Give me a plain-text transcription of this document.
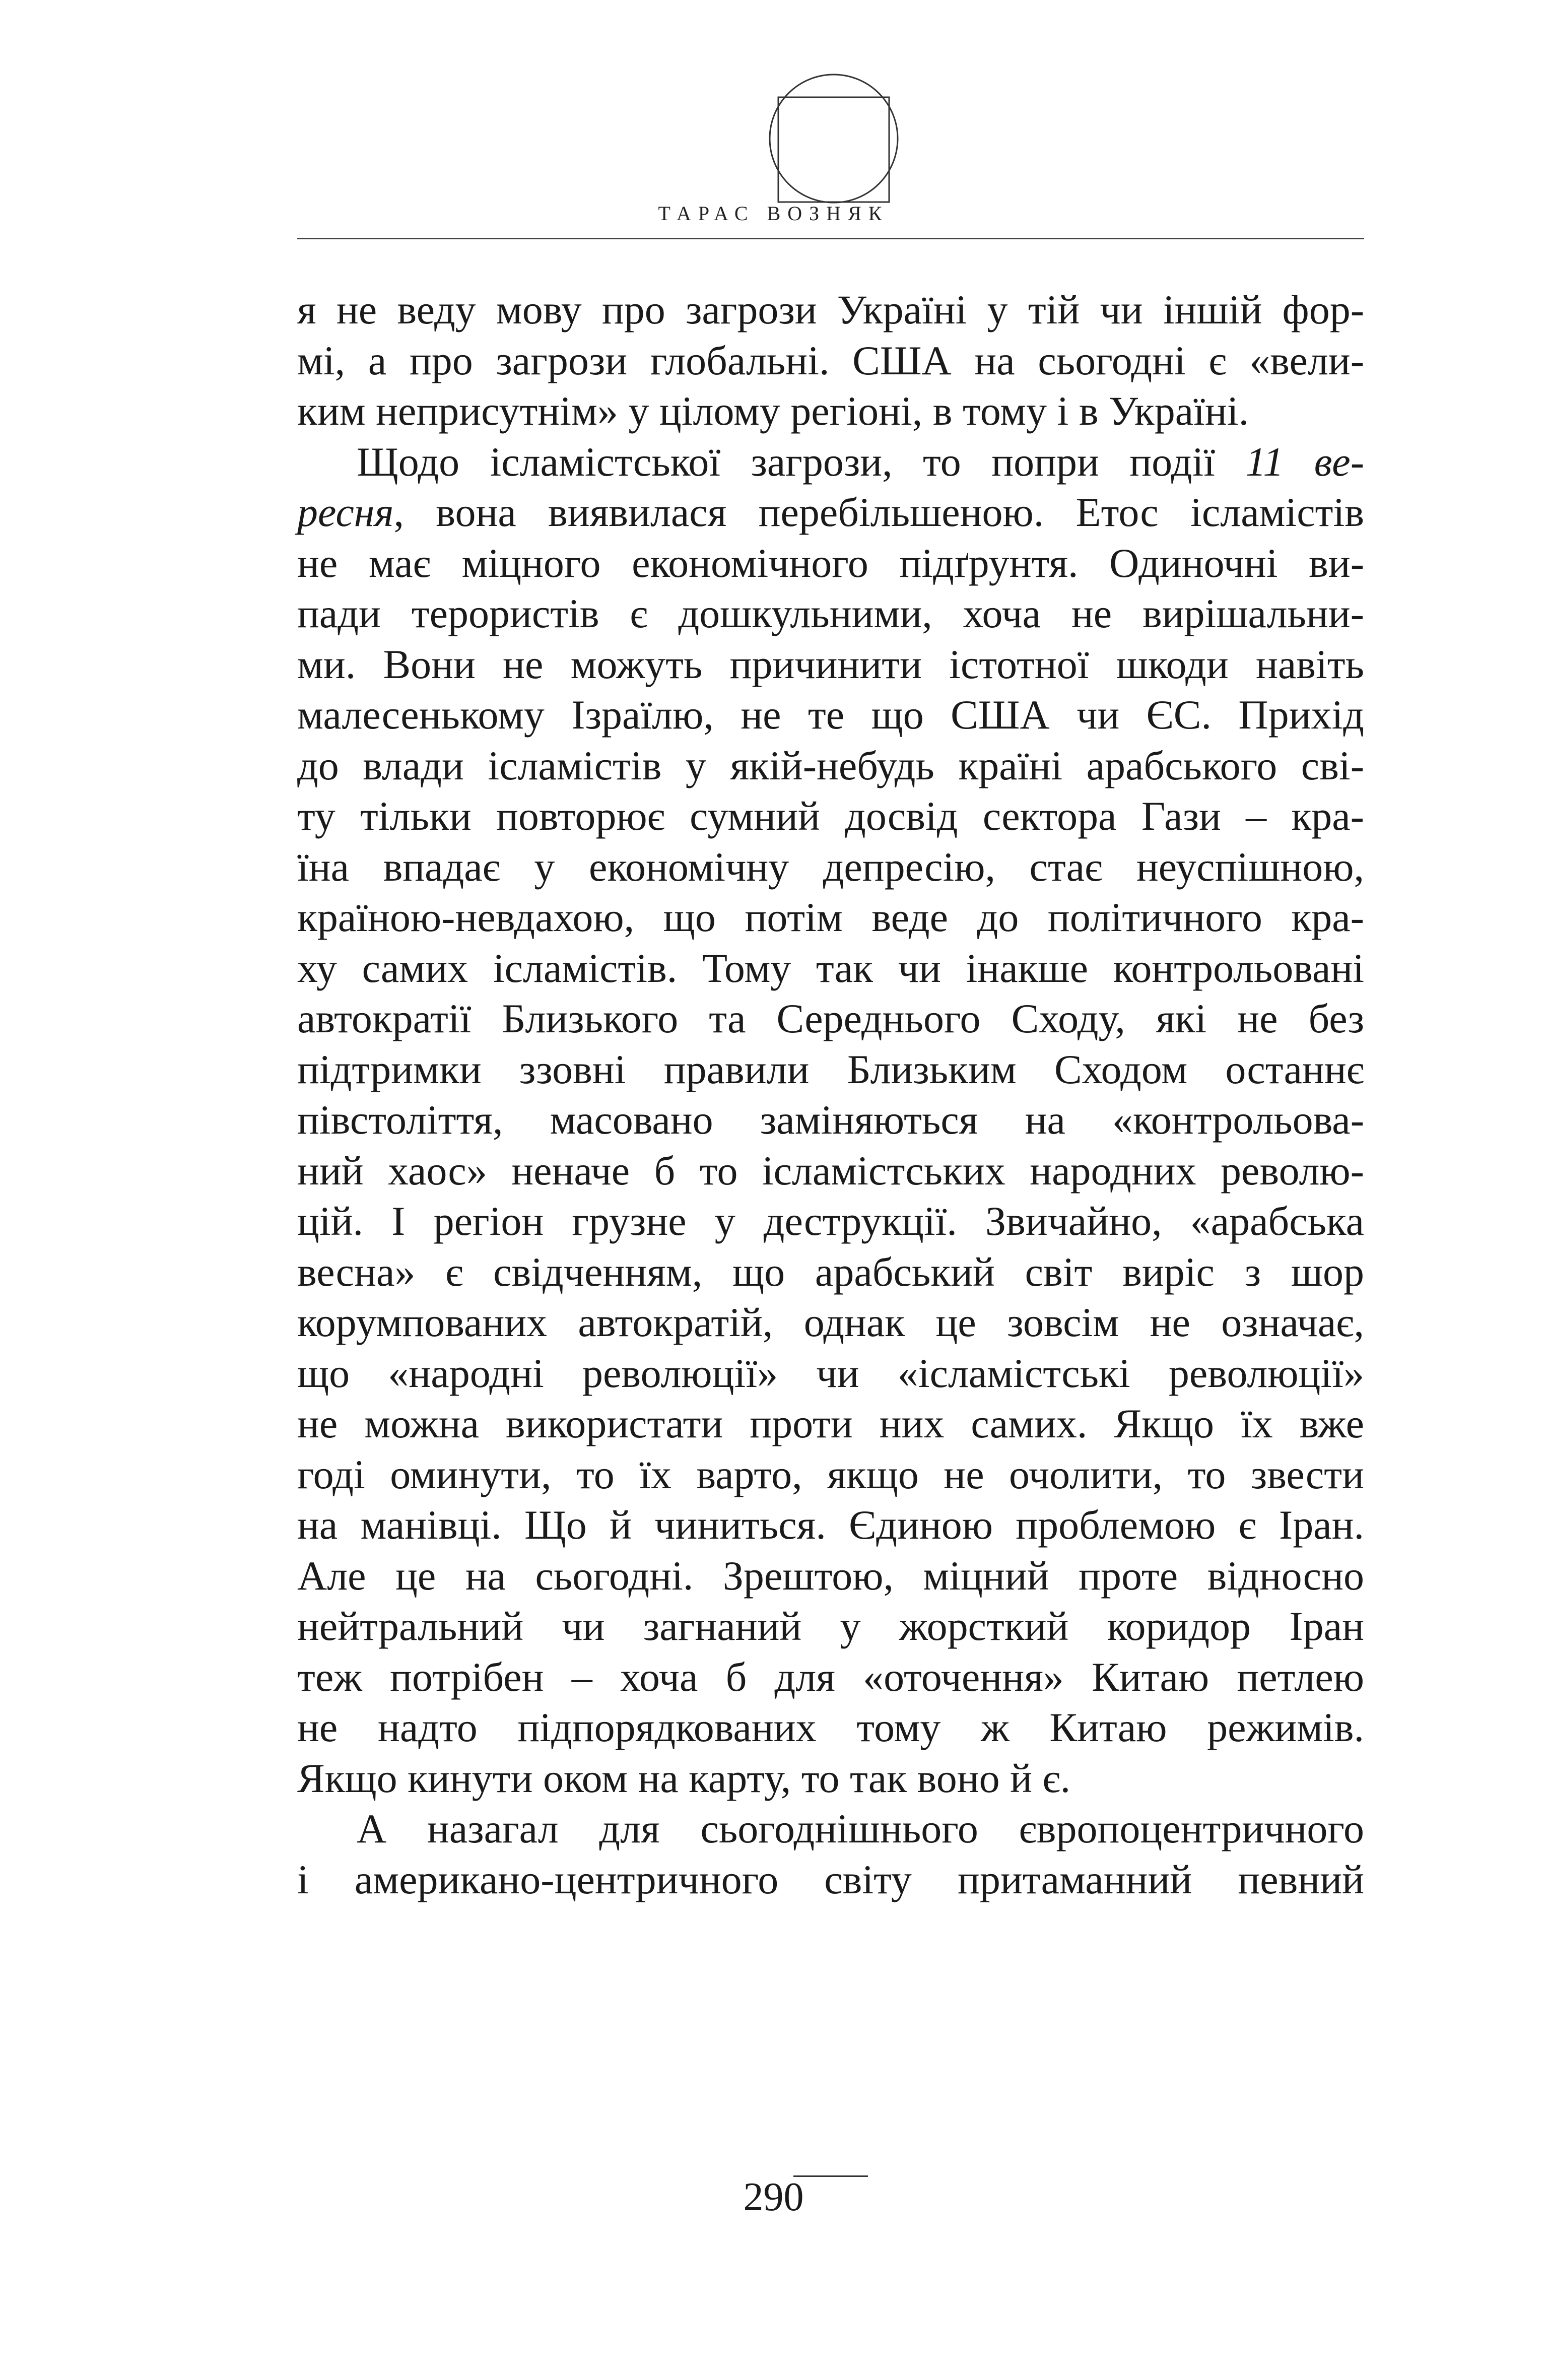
ТАРАС ВОЗНЯК
я не веду мову про загрози Україні у тій чи іншій фор-
мі, а про загрози глобальні. США на сьогодні є «вели-
ким неприсутнім» у цілому регіоні, в тому і в Україні.
Щодо ісламістської загрози, то попри події 11 ве-
ресня, вона виявилася перебільшеною. Етос ісламістів
не має міцного економічного підґрунтя. Одиночні ви-
пади терористів є дошкульними, хоча не вирішальни-
ми. Вони не можуть причинити істотної шкоди навіть
малесенькому Ізраїлю, не те що США чи ЄС. Прихід
до влади ісламістів у якій-небудь країні арабського сві-
ту тільки повторює сумний досвід сектора Гази – кра-
їна впадає у економічну депресію, стає неуспішною,
країною-невдахою, що потім веде до політичного кра-
ху самих ісламістів. Тому так чи інакше контрольовані
автократії Близького та Середнього Сходу, які не без
підтримки ззовні правили Близьким Сходом останнє
півстоліття, масовано заміняються на «контрольова-
ний хаос» неначе б то ісламістських народних револю-
цій. І регіон грузне у деструкції. Звичайно, «арабська
весна» є свідченням, що арабський світ виріс з шор
корумпованих автократій, однак це зовсім не означає,
що «народні революції» чи «ісламістські революції»
не можна використати проти них самих. Якщо їх вже
годі оминути, то їх варто, якщо не очолити, то звести
на манівці. Що й чиниться. Єдиною проблемою є Іран.
Але це на сьогодні. Зрештою, міцний проте відносно
нейтральний чи загнаний у жорсткий коридор Іран
теж потрібен – хоча б для «оточення» Китаю петлею
не надто підпорядкованих тому ж Китаю режимів.
Якщо кинути оком на карту, то так воно й є.
А назагал для сьогоднішнього європоцентричного
і американо-центричного світу притаманний певний
290
